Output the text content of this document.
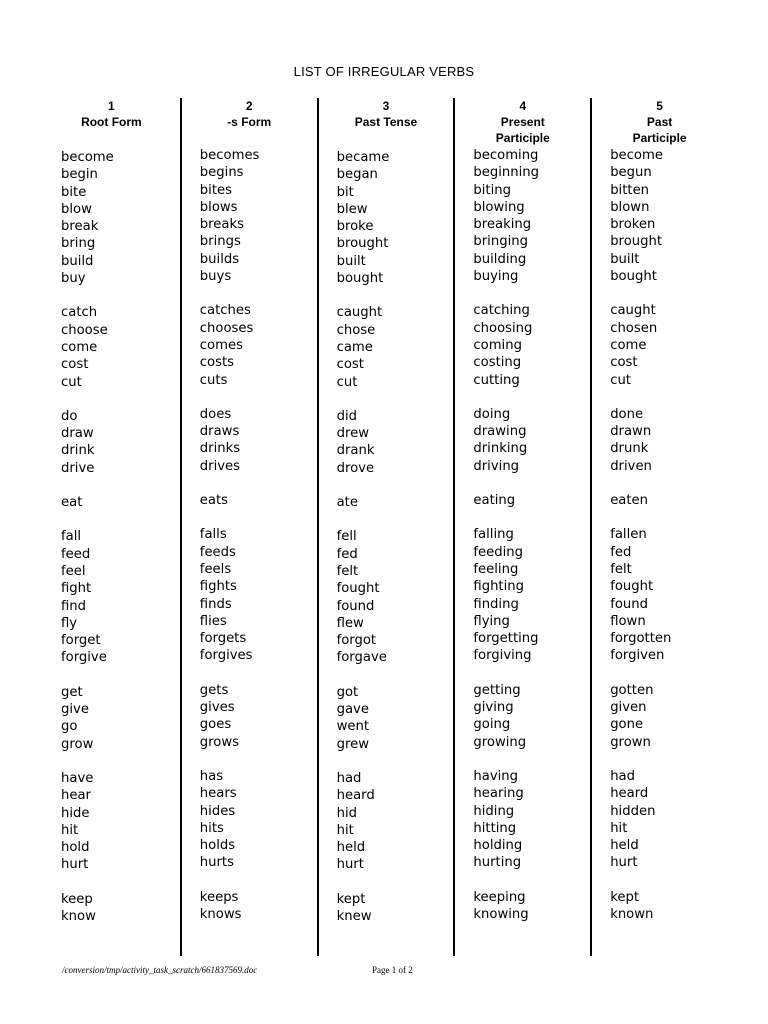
LIST OF IRREGULAR VERBS
1
Root Form
become
begin
bite
blow
break
bring
build
buy
catch
choose
come
cost
cut
do
draw
drink
drive
eat
fall
feed
feel
fight
find
fly
forget
forgive
get
give
go
grow
have
hear
hide
hit
hold
hurt
keep
know
2
-s Form
becomes
begins
bites
blows
breaks
brings
builds
buys
catches
chooses
comes
costs
cuts
does
draws
drinks
drives
eats
falls
feeds
feels
fights
finds
flies
forgets
forgives
gets
gives
goes
grows
has
hears
hides
hits
holds
hurts
keeps
knows
3
Past Tense
became
began
bit
blew
broke
brought
built
bought
caught
chose
came
cost
cut
did
drew
drank
drove
ate
fell
fed
felt
fought
found
flew
forgot
forgave
got
gave
went
grew
had
heard
hid
hit
held
hurt
kept
knew
4
Present
Participle
becoming
beginning
biting
blowing
breaking
bringing
building
buying
catching
choosing
coming
costing
cutting
doing
drawing
drinking
driving
eating
falling
feeding
feeling
fighting
finding
flying
forgetting
forgiving
getting
giving
going
growing
having
hearing
hiding
hitting
holding
hurting
keeping
knowing
5
Past
Participle
become
begun
bitten
blown
broken
brought
built
bought
caught
chosen
come
cost
cut
done
drawn
drunk
driven
eaten
fallen
fed
felt
fought
found
flown
forgotten
forgiven
gotten
given
gone
grown
had
heard
hidden
hit
held
hurt
kept
known
/conversion/tmp/activity_task_scratch/661837569.doc	Page 1 of 2
